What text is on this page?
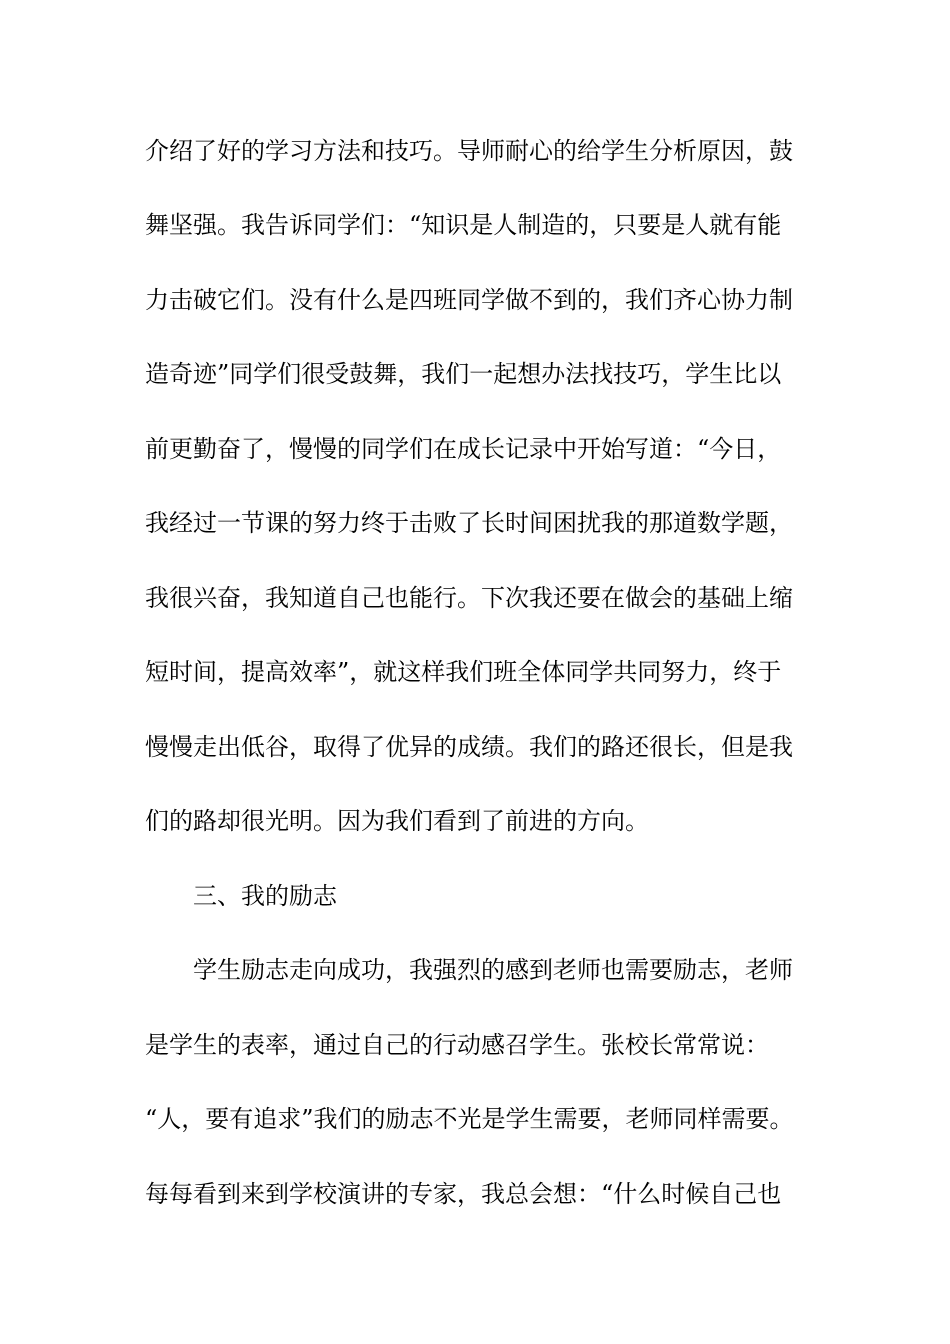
介绍了好的学习方法和技巧。导师耐心的给学生分析原因，鼓
舞坚强。我告诉同学们：“知识是人制造的，只要是人就有能
力击破它们。没有什么是四班同学做不到的，我们齐心协力制
造奇迹”同学们很受鼓舞，我们一起想办法找技巧，学生比以
前更勤奋了，慢慢的同学们在成长记录中开始写道：“今日，
我经过一节课的努力终于击败了长时间困扰我的那道数学题，
我很兴奋，我知道自己也能行。下次我还要在做会的基础上缩
短时间，提高效率”，就这样我们班全体同学共同努力，终于
慢慢走出低谷，取得了优异的成绩。我们的路还很长，但是我
们的路却很光明。因为我们看到了前进的方向。
三、我的励志
学生励志走向成功，我强烈的感到老师也需要励志，老师
是学生的表率，通过自己的行动感召学生。张校长常常说：
“人，要有追求”我们的励志不光是学生需要，老师同样需要。
每每看到来到学校演讲的专家，我总会想：“什么时候自己也
